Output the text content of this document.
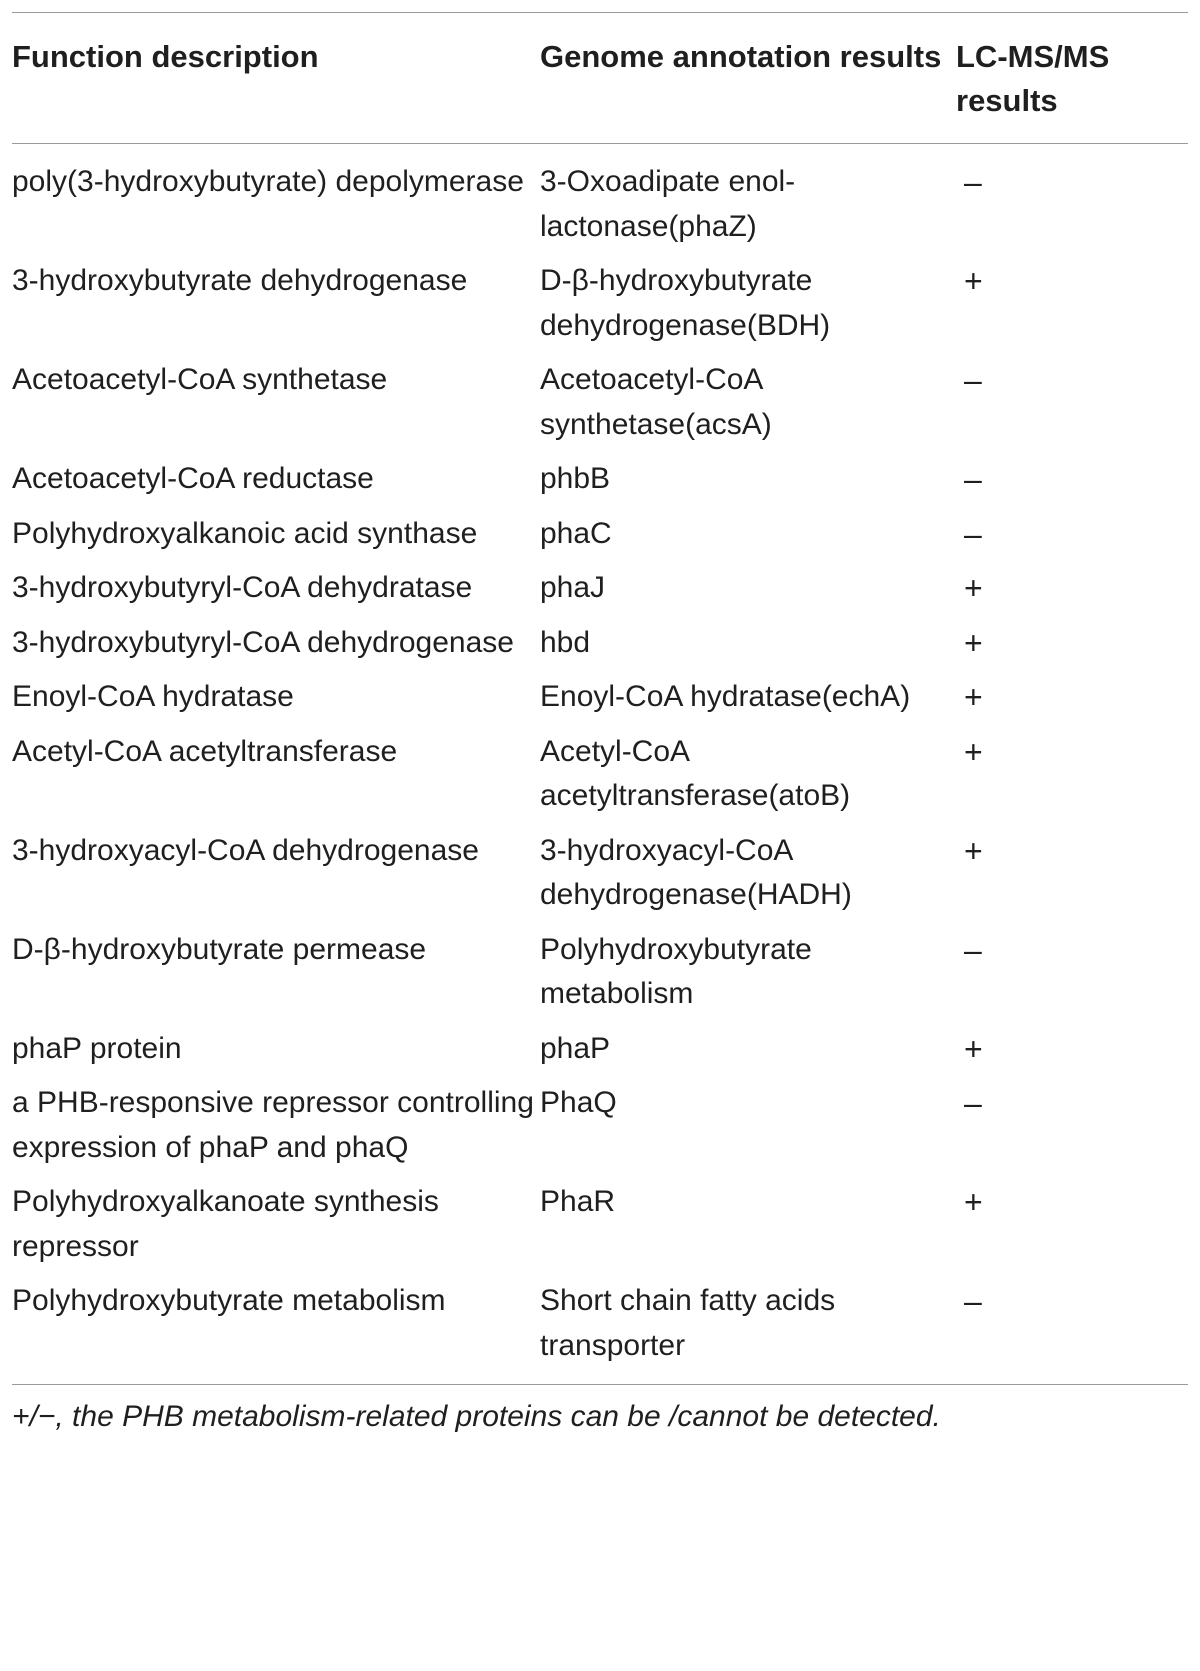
Function description	Genome annotation results	LC-MS/MS results
poly(3-hydroxybutyrate) depolymerase	3-Oxoadipate enol-lactonase(phaZ)	–
3-hydroxybutyrate dehydrogenase	D-β-hydroxybutyrate dehydrogenase(BDH)	+
Acetoacetyl-CoA synthetase	Acetoacetyl-CoA synthetase(acsA)	–
Acetoacetyl-CoA reductase	phbB	–
Polyhydroxyalkanoic acid synthase	phaC	–
3-hydroxybutyryl-CoA dehydratase	phaJ	+
3-hydroxybutyryl-CoA dehydrogenase	hbd	+
Enoyl-CoA hydratase	Enoyl-CoA hydratase(echA)	+
Acetyl-CoA acetyltransferase	Acetyl-CoA acetyltransferase(atoB)	+
3-hydroxyacyl-CoA dehydrogenase	3-hydroxyacyl-CoA dehydrogenase(HADH)	+
D-β-hydroxybutyrate permease	Polyhydroxybutyrate metabolism	–
phaP protein	phaP	+
a PHB-responsive repressor controlling expression of phaP and phaQ	PhaQ	–
Polyhydroxyalkanoate synthesis repressor	PhaR	+
Polyhydroxybutyrate metabolism	Short chain fatty acids transporter	–
+/−, the PHB metabolism-related proteins can be /cannot be detected.
